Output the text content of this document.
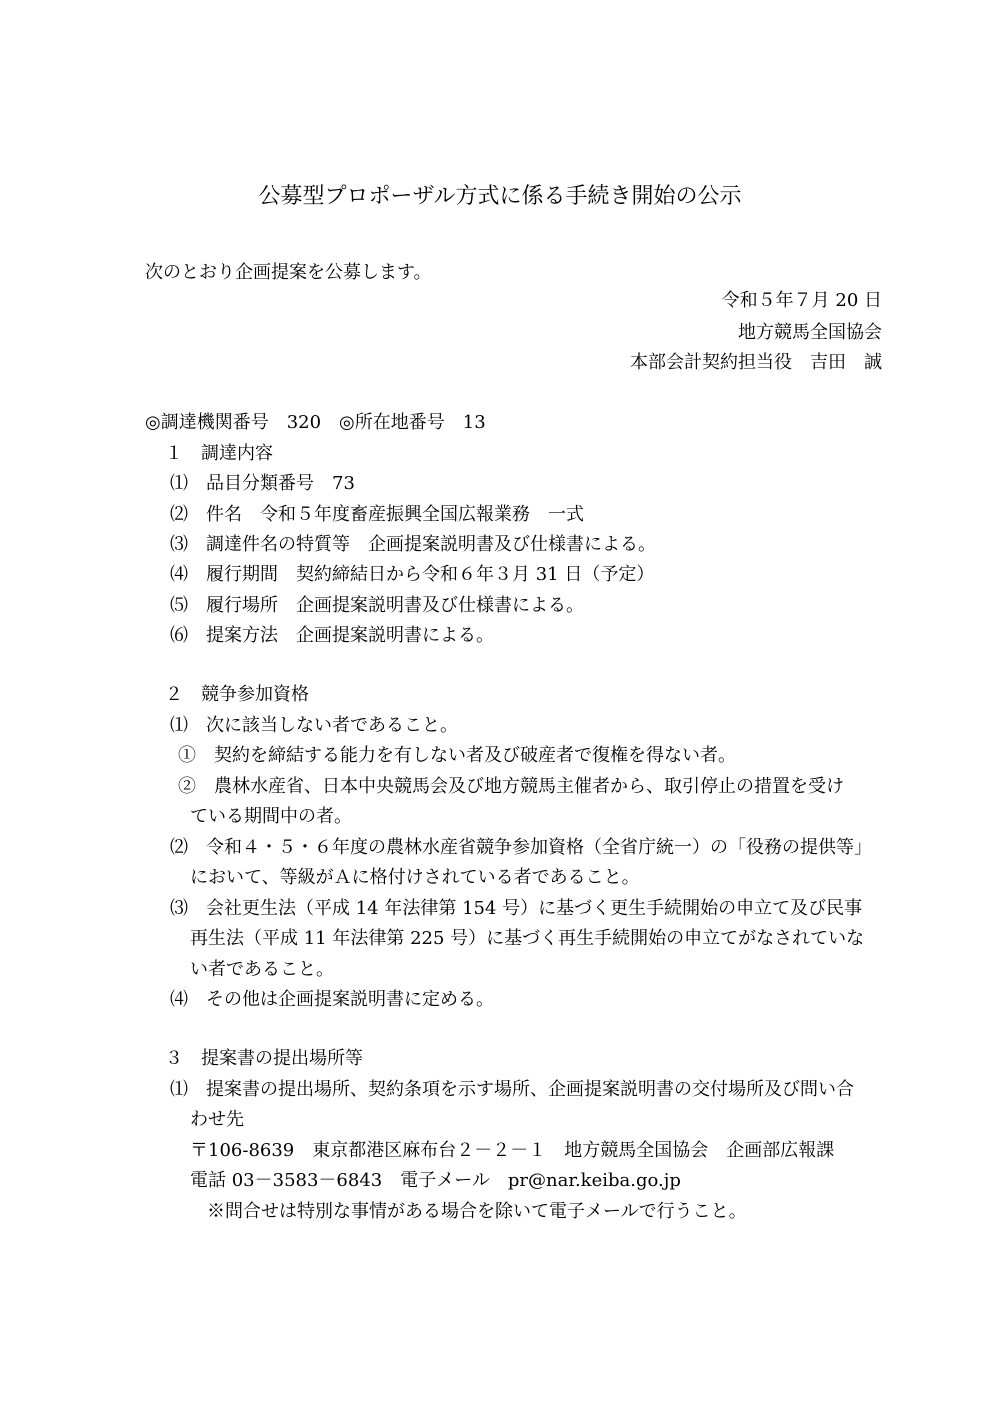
公募型プロポーザル方式に係る手続き開始の公示
次のとおり企画提案を公募します。
令和５年７月 20 日
地方競馬全国協会
本部会計契約担当役　吉田　誠
◎調達機関番号　320　◎所在地番号　13
１　調達内容
⑴　品目分類番号　73
⑵　件名　令和５年度畜産振興全国広報業務　一式
⑶　調達件名の特質等　企画提案説明書及び仕様書による。
⑷　履行期間　契約締結日から令和６年３月 31 日（予定）
⑸　履行場所　企画提案説明書及び仕様書による。
⑹　提案方法　企画提案説明書による。
２　競争参加資格
⑴　次に該当しない者であること。
①　契約を締結する能力を有しない者及び破産者で復権を得ない者。
②　農林水産省、日本中央競馬会及び地方競馬主催者から、取引停止の措置を受け
ている期間中の者。
⑵　令和４・５・６年度の農林水産省競争参加資格（全省庁統一）の「役務の提供等」
において、等級がＡに格付けされている者であること。
⑶　会社更生法（平成 14 年法律第 154 号）に基づく更生手続開始の申立て及び民事
再生法（平成 11 年法律第 225 号）に基づく再生手続開始の申立てがなされていな
い者であること。
⑷　その他は企画提案説明書に定める。
３　提案書の提出場所等
⑴　提案書の提出場所、契約条項を示す場所、企画提案説明書の交付場所及び問い合
わせ先
〒106-8639　東京都港区麻布台２－２－１　地方競馬全国協会　企画部広報課
電話 03－3583－6843　電子メール　pr@nar.keiba.go.jp
※問合せは特別な事情がある場合を除いて電子メールで行うこと。
